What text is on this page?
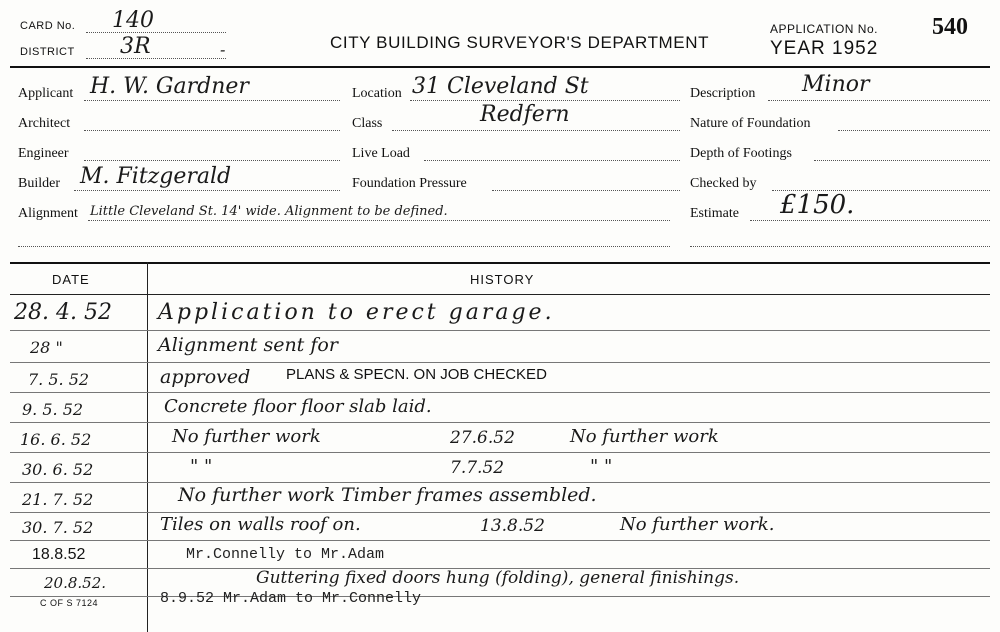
CARD No. 140
DISTRICT 3R	-	CITY BUILDING SURVEYOR'S DEPARTMENT
APPLICATION No. 540
YEAR 1952
Applicant H. W. Gardner
Architect
Engineer
Builder M. Fitzgerald
Alignment Little Cleveland St. 14' wide. Alignment to be defined.
Location 31 Cleveland St
Class	Redfern
Live Load
Foundation Pressure
Description Minor
Nature of Foundation
Depth of Footings
Checked by
Estimate £150.
DATE	HISTORY
28. 4. 52 Application to erect garage.
28 "	Alignment sent for
7. 5. 52	approved PLANS & SPECN. ON JOB CHECKED
9. 5. 52	Concrete floor floor slab laid.
16. 6. 52	No further work	27.6.52	No further work
30. 6. 52	" "	7.7.52	" "
21. 7. 52	No further work Timber frames assembled.
30. 7. 52	Tiles on walls roof on.	13.8.52	No further work.
18.8.52	Mr.Connelly to Mr.Adam
20.8.52.	Guttering fixed doors hung (folding), general finishings.
C OF S 7124	8.9.52 Mr.Adam to Mr.Connelly
